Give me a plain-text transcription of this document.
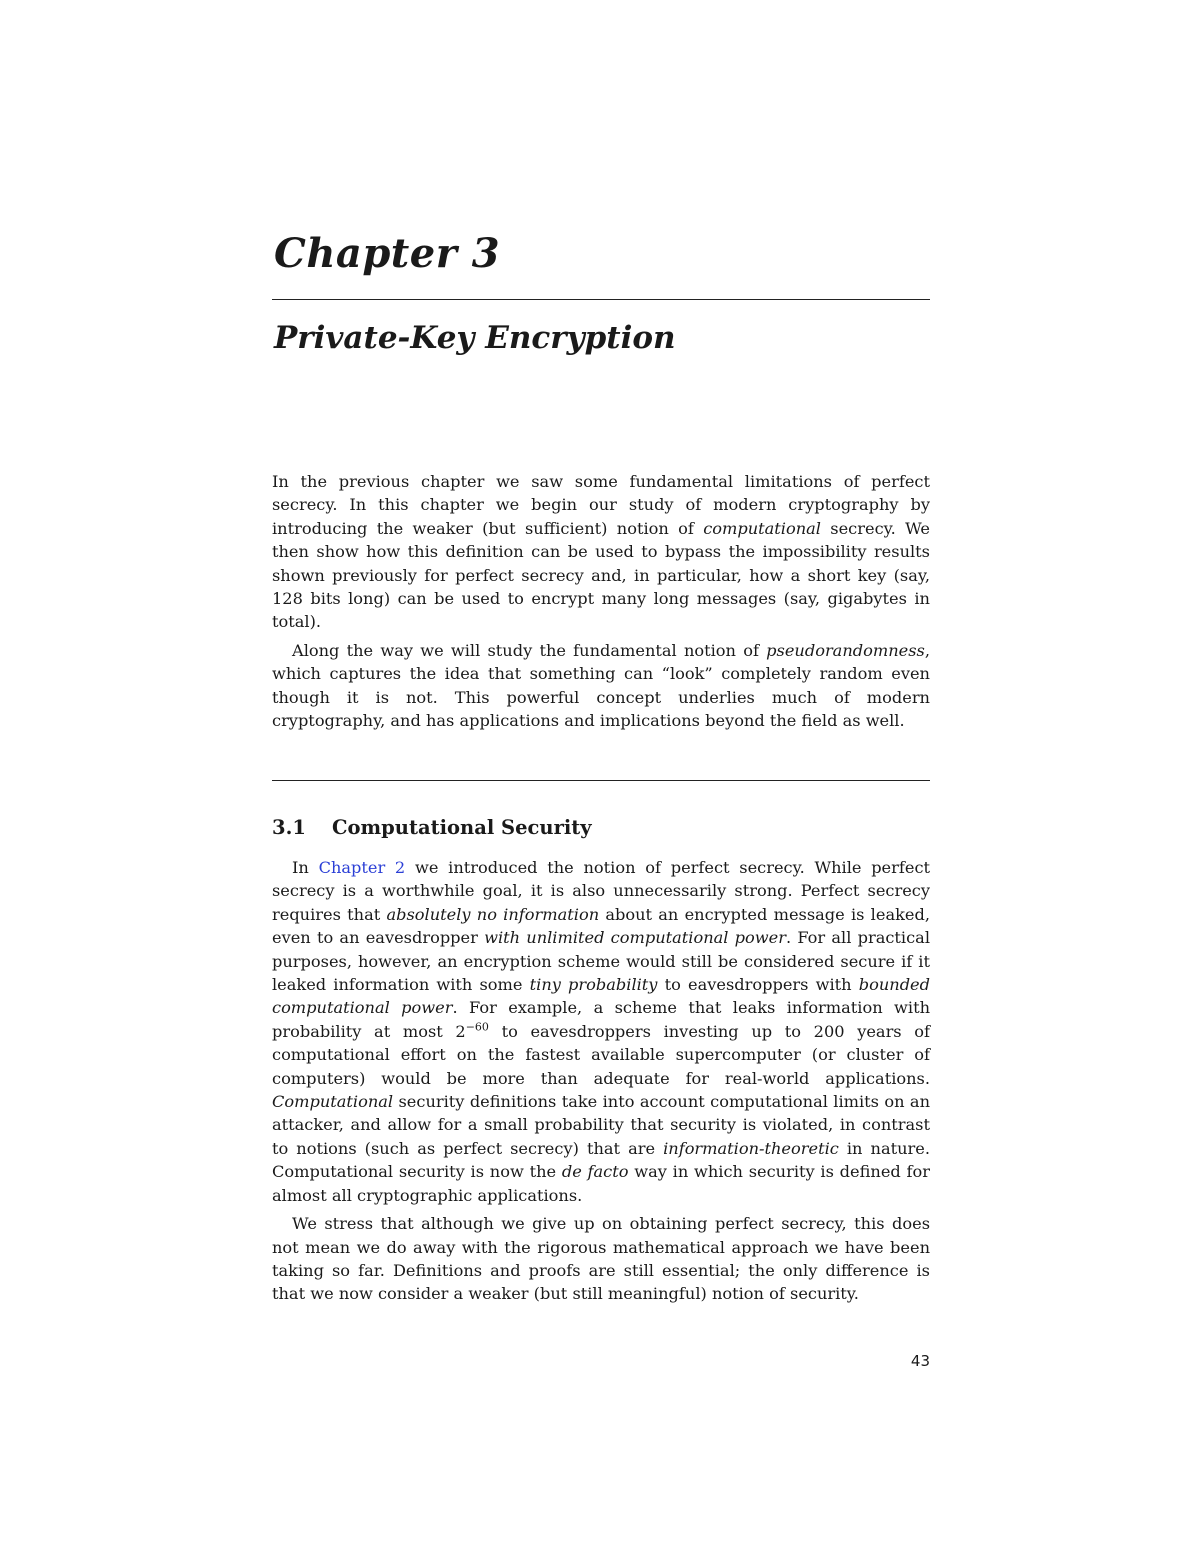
Chapter 3
Private-Key Encryption

In the previous chapter we saw some fundamental limitations of perfect secrecy. In this chapter we begin our study of modern cryptography by introducing the weaker (but sufficient) notion of computational secrecy. We then show how this definition can be used to bypass the impossibility results shown previously for perfect secrecy and, in particular, how a short key (say, 128 bits long) can be used to encrypt many long messages (say, gigabytes in total).

Along the way we will study the fundamental notion of pseudorandomness, which captures the idea that something can “look” completely random even though it is not. This powerful concept underlies much of modern cryptography, and has applications and implications beyond the field as well.

3.1 Computational Security

In Chapter 2 we introduced the notion of perfect secrecy. While perfect secrecy is a worthwhile goal, it is also unnecessarily strong. Perfect secrecy requires that absolutely no information about an encrypted message is leaked, even to an eavesdropper with unlimited computational power. For all practical purposes, however, an encryption scheme would still be considered secure if it leaked information with some tiny probability to eavesdroppers with bounded computational power. For example, a scheme that leaks information with probability at most $2^{-60}$ to eavesdroppers investing up to 200 years of computational effort on the fastest available supercomputer (or cluster of computers) would be more than adequate for real-world applications. Computational security definitions take into account computational limits on an attacker, and allow for a small probability that security is violated, in contrast to notions (such as perfect secrecy) that are information-theoretic in nature. Computational security is now the de facto way in which security is defined for almost all cryptographic applications.

We stress that although we give up on obtaining perfect secrecy, this does not mean we do away with the rigorous mathematical approach we have been taking so far. Definitions and proofs are still essential; the only difference is that we now consider a weaker (but still meaningful) notion of security.

43
